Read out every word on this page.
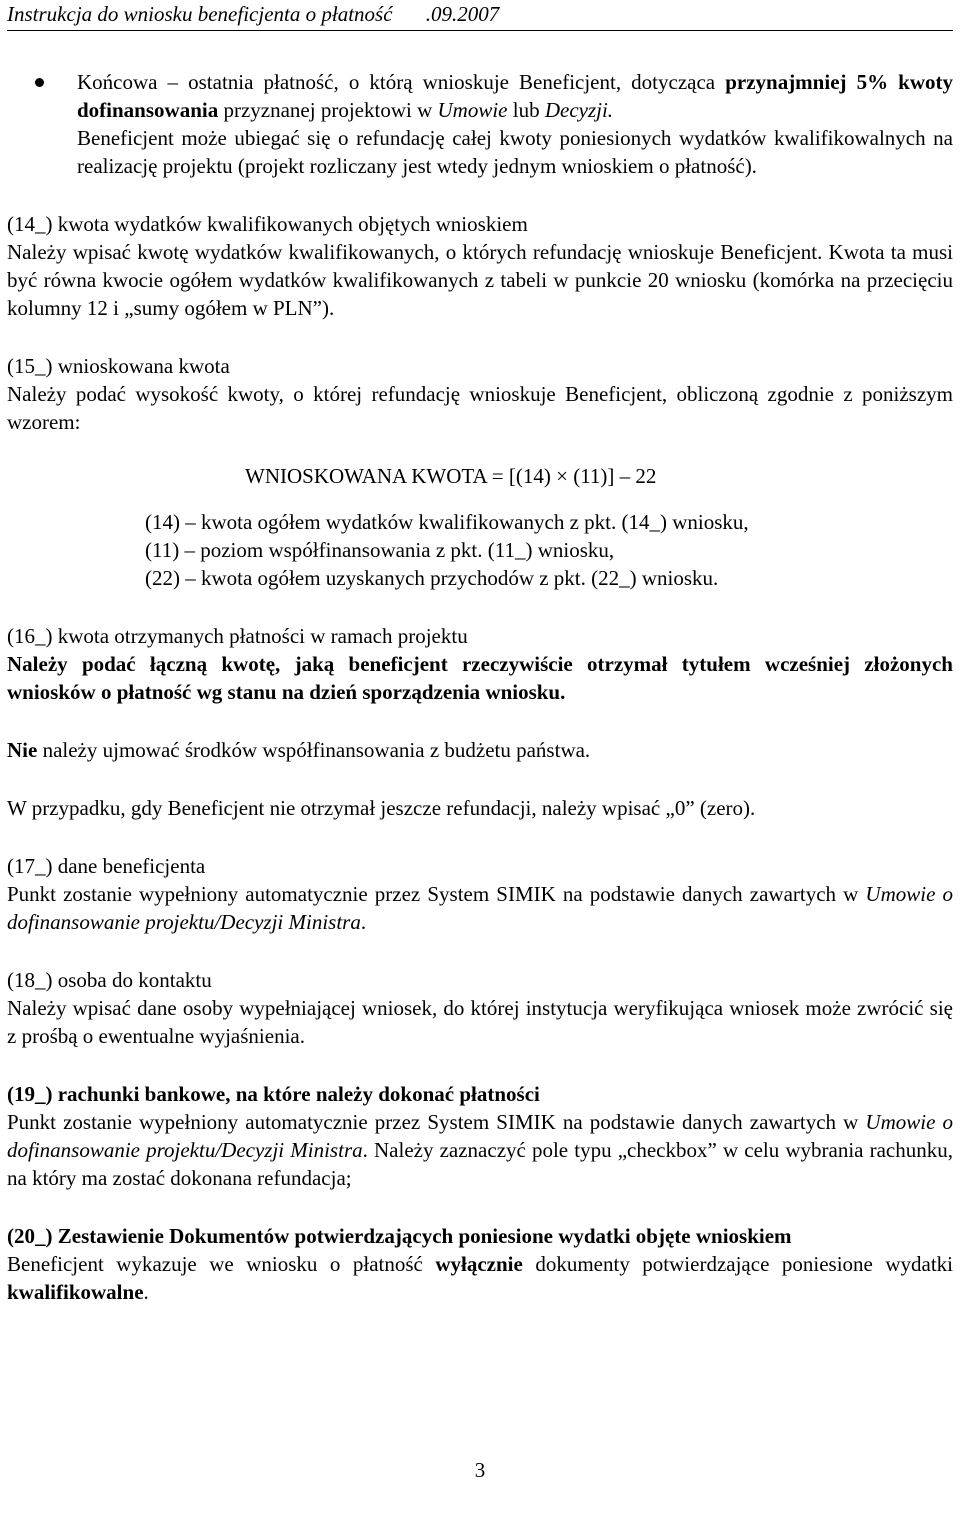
Instrukcja do wniosku beneficjenta o płatność .09.2007

Końcowa – ostatnia płatność, o którą wnioskuje Beneficjent, dotycząca przynajmniej 5% kwoty dofinansowania przyznanej projektowi w Umowie lub Decyzji.

Beneficjent może ubiegać się o refundację całej kwoty poniesionych wydatków kwalifikowalnych na realizację projektu (projekt rozliczany jest wtedy jednym wnioskiem o płatność).

(14_) kwota wydatków kwalifikowanych objętych wnioskiem

Należy wpisać kwotę wydatków kwalifikowanych, o których refundację wnioskuje Beneficjent. Kwota ta musi być równa kwocie ogółem wydatków kwalifikowanych z tabeli w punkcie 20 wniosku (komórka na przecięciu kolumny 12 i „sumy ogółem w PLN”).

(15_) wnioskowana kwota

Należy podać wysokość kwoty, o której refundację wnioskuje Beneficjent, obliczoną zgodnie z poniższym wzorem:

WNIOSKOWANA KWOTA = [(14) × (11)] – 22

(14) – kwota ogółem wydatków kwalifikowanych z pkt. (14_) wniosku,

(11) – poziom współfinansowania z pkt. (11_) wniosku,

(22) – kwota ogółem uzyskanych przychodów z pkt. (22_) wniosku.

(16_) kwota otrzymanych płatności w ramach projektu

Należy podać łączną kwotę, jaką beneficjent rzeczywiście otrzymał tytułem wcześniej złożonych wniosków o płatność wg stanu na dzień sporządzenia wniosku.

Nie należy ujmować środków współfinansowania z budżetu państwa.

W przypadku, gdy Beneficjent nie otrzymał jeszcze refundacji, należy wpisać „0” (zero).

(17_) dane beneficjenta

Punkt zostanie wypełniony automatycznie przez System SIMIK na podstawie danych zawartych w Umowie o dofinansowanie projektu/Decyzji Ministra.

(18_) osoba do kontaktu

Należy wpisać dane osoby wypełniającej wniosek, do której instytucja weryfikująca wniosek może zwrócić się z prośbą o ewentualne wyjaśnienia.

(19_) rachunki bankowe, na które należy dokonać płatności

Punkt zostanie wypełniony automatycznie przez System SIMIK na podstawie danych zawartych w Umowie o dofinansowanie projektu/Decyzji Ministra. Należy zaznaczyć pole typu „checkbox” w celu wybrania rachunku, na który ma zostać dokonana refundacja;

(20_) Zestawienie Dokumentów potwierdzających poniesione wydatki objęte wnioskiem

Beneficjent wykazuje we wniosku o płatność wyłącznie dokumenty potwierdzające poniesione wydatki kwalifikowalne.

3
